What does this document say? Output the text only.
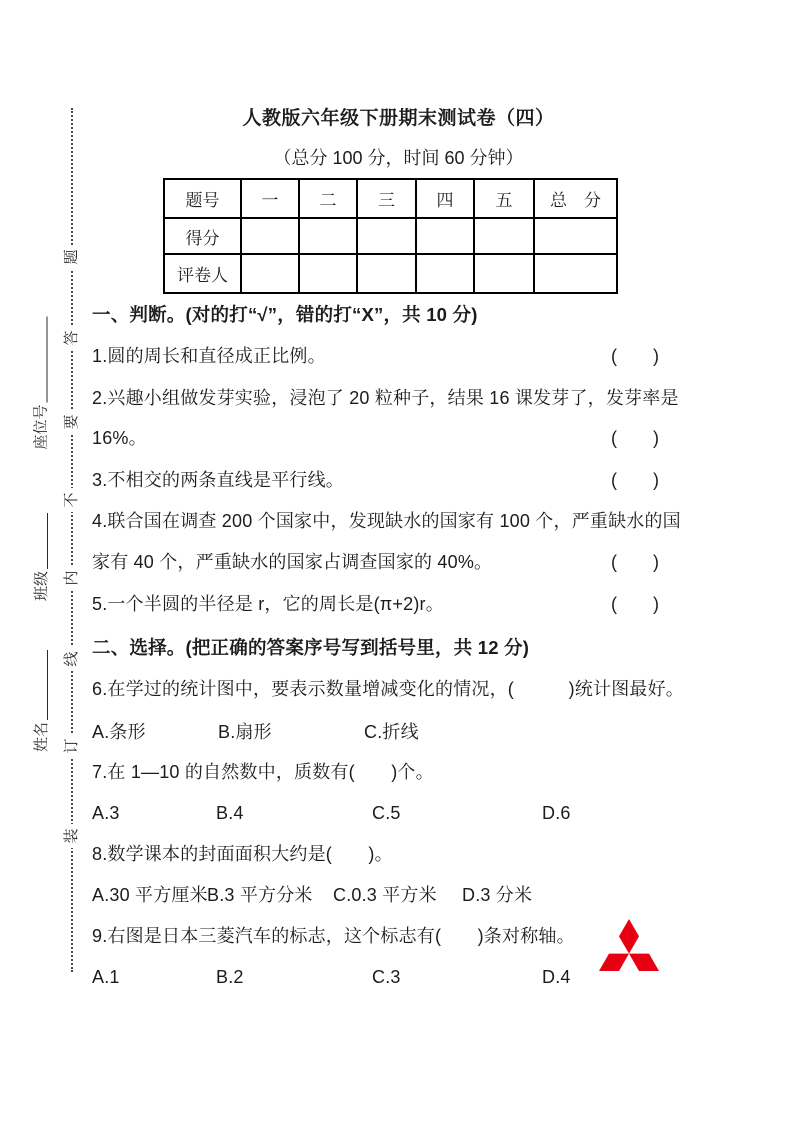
题
答
要
不
内
线
订
装
座位号
班级
姓名
人教版六年级下册期末测试卷（四）
（总分 100 分，时间 60 分钟）
题号	一	二	三	四	五	总　分
得分						
评卷人						
一、判断。(对的打“√”，错的打“X”，共 10 分)
1.圆的周长和直径成正比例。	(　　)
2.兴趣小组做发芽实验，浸泡了 20 粒种子，结果 16 课发芽了，发芽率是
16%。	(　　)
3.不相交的两条直线是平行线。	(　　)
4.联合国在调查 200 个国家中，发现缺水的国家有 100 个，严重缺水的国
家有 40 个，严重缺水的国家占调查国家的 40%。	(　　)
5.一个半圆的半径是 r，它的周长是(π+2)r。	(　　)
二、选择。(把正确的答案序号写到括号里，共 12 分)
6.在学过的统计图中，要表示数量增减变化的情况，(　　　)统计图最好。
A.条形	B.扇形	C.折线
7.在 1—10 的自然数中，质数有(　　)个。
A.3	B.4	C.5	D.6
8.数学课本的封面面积大约是(　　)。
A.30 平方厘米 B.3 平方分米 C.0.3 平方米 D.3 分米
9.右图是日本三菱汽车的标志，这个标志有(　　)条对称轴。
A.1	B.2	C.3	D.4
